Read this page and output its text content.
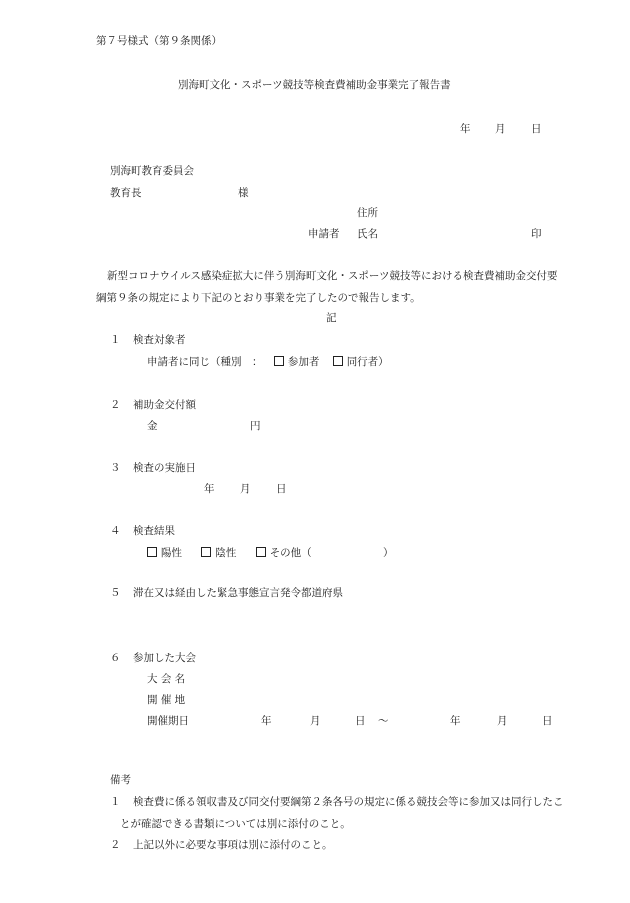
第７号様式（第９条関係）
別海町文化・スポーツ競技等検査費補助金事業完了報告書
年 月 日
別海町教育委員会
教育長	様
住所
申請者 氏名	印
新型コロナウイルス感染症拡大に伴う別海町文化・スポーツ競技等における検査費補助金交付要綱第９条の規定により下記のとおり事業を完了したので報告します。
記
１ 検査対象者
申請者に同じ（種別　： 参加者	同行者）
２ 補助金交付額
金	円
３ 検査の実施日
年 月 日
４ 検査結果
陽性	陰性	その他（	）
５ 滞在又は経由した緊急事態宣言発令都道府県
６ 参加した大会
大 会 名
開 催 地
開催期日	年	月	日 ～	年	月	日
備考
１	検査費に係る領収書及び同交付要綱第２条各号の規定に係る競技会等に参加又は同行したことが確認できる書類については別に添付のこと。
２ 上記以外に必要な事項は別に添付のこと。
